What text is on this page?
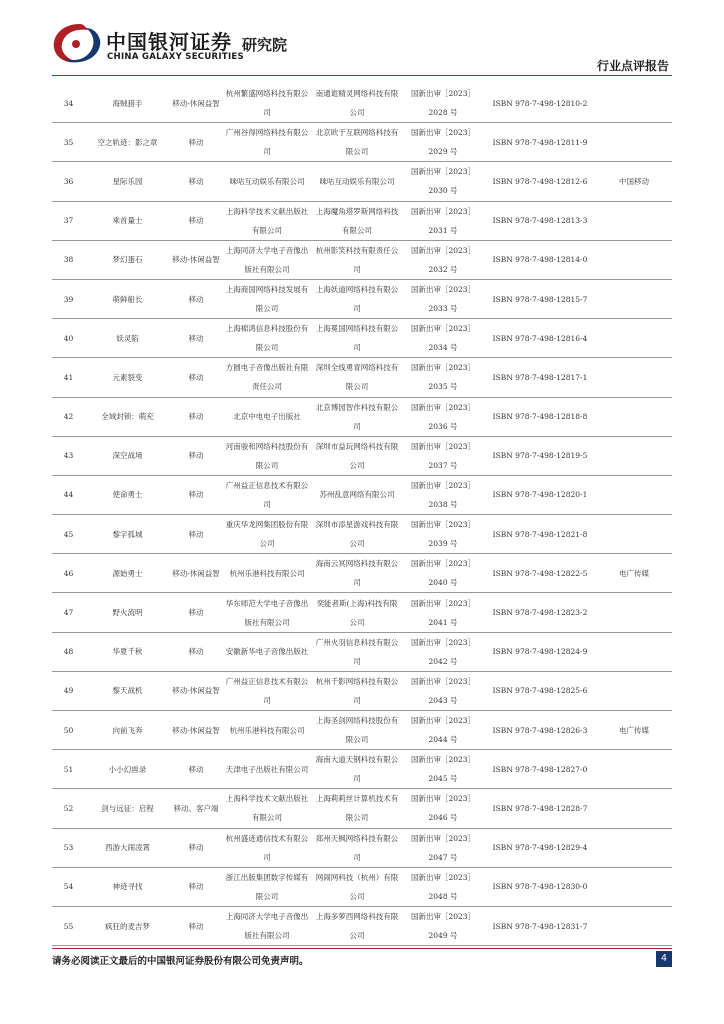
中国银河证券
CHINA GALAXY SECURITIES
研究院
行业点评报告
34	海贼猎手	移动-休闲益智	杭州繁盛网络科技有限公司	南通诡精灵网络科技有限公司	国新出审［2023］2028 号	ISBN 978-7-498-12810-2	
35	空之轨迹：影之章	移动	广州谷得网络科技有限公司	北京欧于互联网络科技有限公司	国新出审［2023］2029 号	ISBN 978-7-498-12811-9	
36	星际乐园	移动	咪咕互动娱乐有限公司	咪咕互动娱乐有限公司	国新出审［2023］2030 号	ISBN 978-7-498-12812-6	中国移动
37	乘首量士	移动	上海科学技术文献出版社有限公司	上海魔角塔罗斯网络科技有限公司	国新出审［2023］2031 号	ISBN 978-7-498-12813-3	
38	梦幻蛋石	移动-休闲益智	上海同济大学电子音像出版社有限公司	杭州影笑科技有限责任公司	国新出审［2023］2032 号	ISBN 978-7-498-12814-0	
39	萌鲜船长	移动	上海商国网络科技发展有限公司	上海妖道网络科技有限公司	国新出审［2023］2033 号	ISBN 978-7-498-12815-7	
40	妖灵陷	移动	上海棉鸿信息科技股份有限公司	上海冕国网络科技有限公司	国新出审［2023］2034 号	ISBN 978-7-498-12816-4	
41	元素裂变	移动	方圆电子音像出版社有限责任公司	深圳全线勇青网络科技有限公司	国新出审［2023］2035 号	ISBN 978-7-498-12817-1	
42	全域封锁：萌充	移动	北京中电电子出版社	北京博园智作科技有限公司	国新出审［2023］2036 号	ISBN 978-7-498-12818-8	
43	深空战境	移动	河南骏和网络科技股份有限公司	深圳市益玩网络科技有限公司	国新出审［2023］2037 号	ISBN 978-7-498-12819-5	
44	使命勇士	移动	广州益正信息技术有限公司	苏州乱意网络有限公司	国新出审［2023］2038 号	ISBN 978-7-498-12820-1	
45	黎字孤城	移动	重庆华龙网集团股份有限公司	深圳市添星游戏科技有限公司	国新出审［2023］2039 号	ISBN 978-7-498-12821-8	
46	源始勇士	移动-休闲益智	杭州乐港科技有限公司	海南云冥网络科技有限公司	国新出审［2023］2040 号	ISBN 978-7-498-12822-5	电广传媒
47	野火流明	移动	华东师范大学电子音像出版社有限公司	奕能者斯(上海)科技有限公司	国新出审［2023］2041 号	ISBN 978-7-498-12823-2	
48	华夏千秋	移动	安徽新华电子音像出版社	广州火羽信息科技有限公司	国新出审［2023］2042 号	ISBN 978-7-498-12824-9	
49	黎天战机	移动-休闲益智	广州益正信息技术有限公司	杭州千影网络科技有限公司	国新出审［2023］2043 号	ISBN 978-7-498-12825-6	
50	向前飞奔	移动-休闲益智	杭州乐港科技有限公司	上海圣剑网络科技股份有限公司	国新出审［2023］2044 号	ISBN 978-7-498-12826-3	电广传媒
51	小小幻兽录	移动	天津电子出版社有限公司	海南大道天钢科技有限公司	国新出审［2023］2045 号	ISBN 978-7-498-12827-0	
52	剑与远征：启程	移动、客户端	上海科学技术文献出版社有限公司	上海莉莉丝计算机技术有限公司	国新出审［2023］2046 号	ISBN 978-7-498-12828-7	
53	西游大闹凌霄	移动	杭州盛迹通信技术有限公司	郑州天枫网络科技有限公司	国新出审［2023］2047 号	ISBN 978-7-498-12829-4	
54	神迹寻找	移动	浙江出版集团数字传媒有限公司	网闹网科技（杭州）有限公司	国新出审［2023］2048 号	ISBN 978-7-498-12830-0	
55	疯狂的麦吉梦	移动	上海同济大学电子音像出版社有限公司	上海多萝西网络科技有限公司	国新出审［2023］2049 号	ISBN 978-7-498-12831-7	
请务必阅读正文最后的中国银河证券股份有限公司免责声明。	4
